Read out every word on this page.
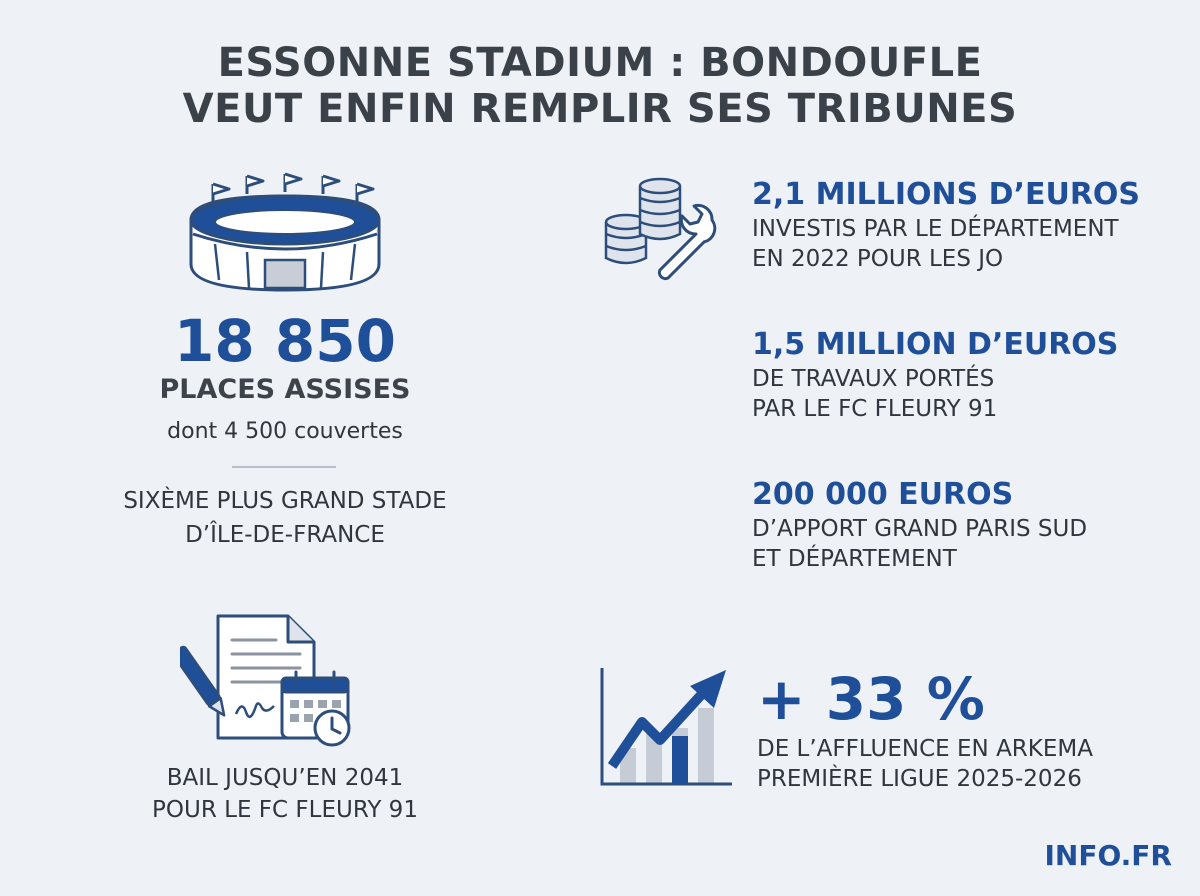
ESSONNE STADIUM : BONDOUFLE
VEUT ENFIN REMPLIR SES TRIBUNES
18 850
PLACES ASSISES
dont 4 500 couvertes
SIXÈME PLUS GRAND STADE
D’ÎLE-DE-FRANCE
BAIL JUSQU’EN 2041
POUR LE FC FLEURY 91
2,1 MILLIONS D’EUROS
INVESTIS PAR LE DÉPARTEMENT
EN 2022 POUR LES JO
1,5 MILLION D’EUROS
DE TRAVAUX PORTÉS
PAR LE FC FLEURY 91
200 000 EUROS
D’APPORT GRAND PARIS SUD
ET DÉPARTEMENT
+ 33 %
DE L’AFFLUENCE EN ARKEMA
PREMIÈRE LIGUE 2025-2026
INFO.FR
